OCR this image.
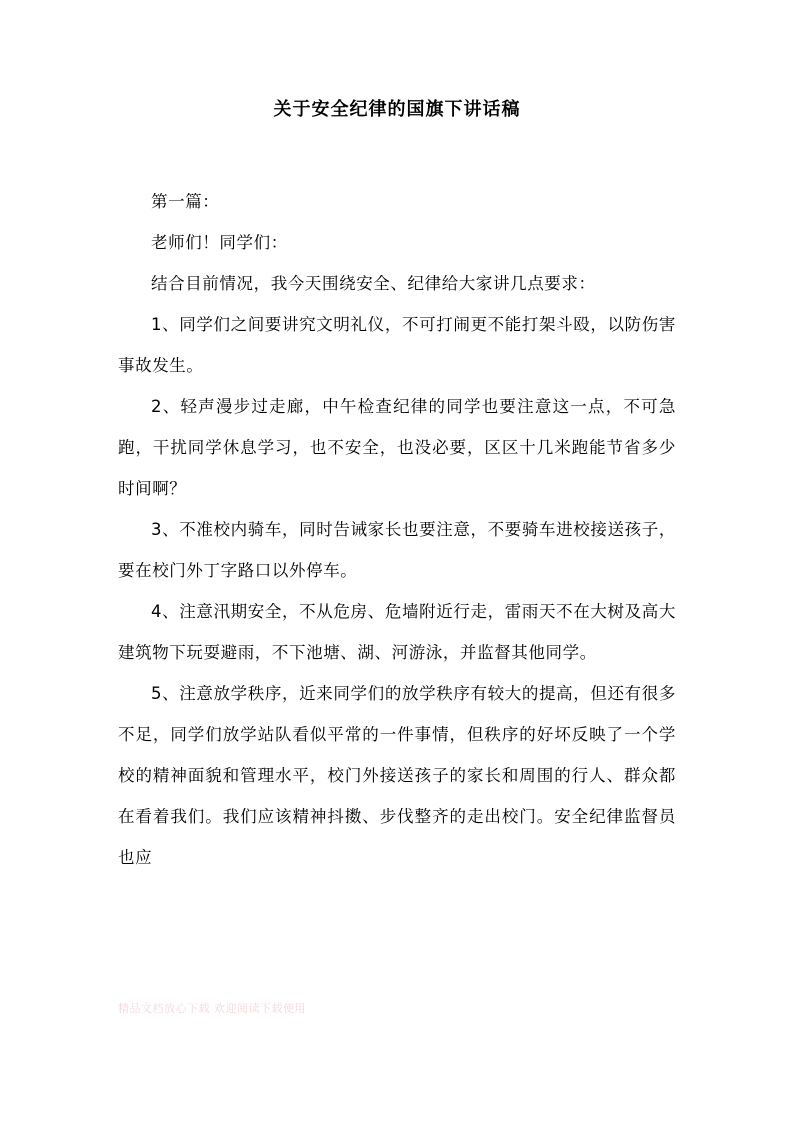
关于安全纪律的国旗下讲话稿

第一篇：

老师们！同学们：

结合目前情况，我今天围绕安全、纪律给大家讲几点要求：

1、同学们之间要讲究文明礼仪，不可打闹更不能打架斗殴，以防伤害事故发生。

2、轻声漫步过走廊，中午检查纪律的同学也要注意这一点，不可急跑，干扰同学休息学习，也不安全，也没必要，区区十几米跑能节省多少时间啊？

3、不准校内骑车，同时告诫家长也要注意，不要骑车进校接送孩子，要在校门外丁字路口以外停车。

4、注意汛期安全，不从危房、危墙附近行走，雷雨天不在大树及高大建筑物下玩耍避雨，不下池塘、湖、河游泳，并监督其他同学。

5、注意放学秩序，近来同学们的放学秩序有较大的提高，但还有很多不足，同学们放学站队看似平常的一件事情，但秩序的好坏反映了一个学校的精神面貌和管理水平，校门外接送孩子的家长和周围的行人、群众都在看着我们。我们应该精神抖擞、步伐整齐的走出校门。安全纪律监督员也应

精品文档放心下载 欢迎阅读下载使用
